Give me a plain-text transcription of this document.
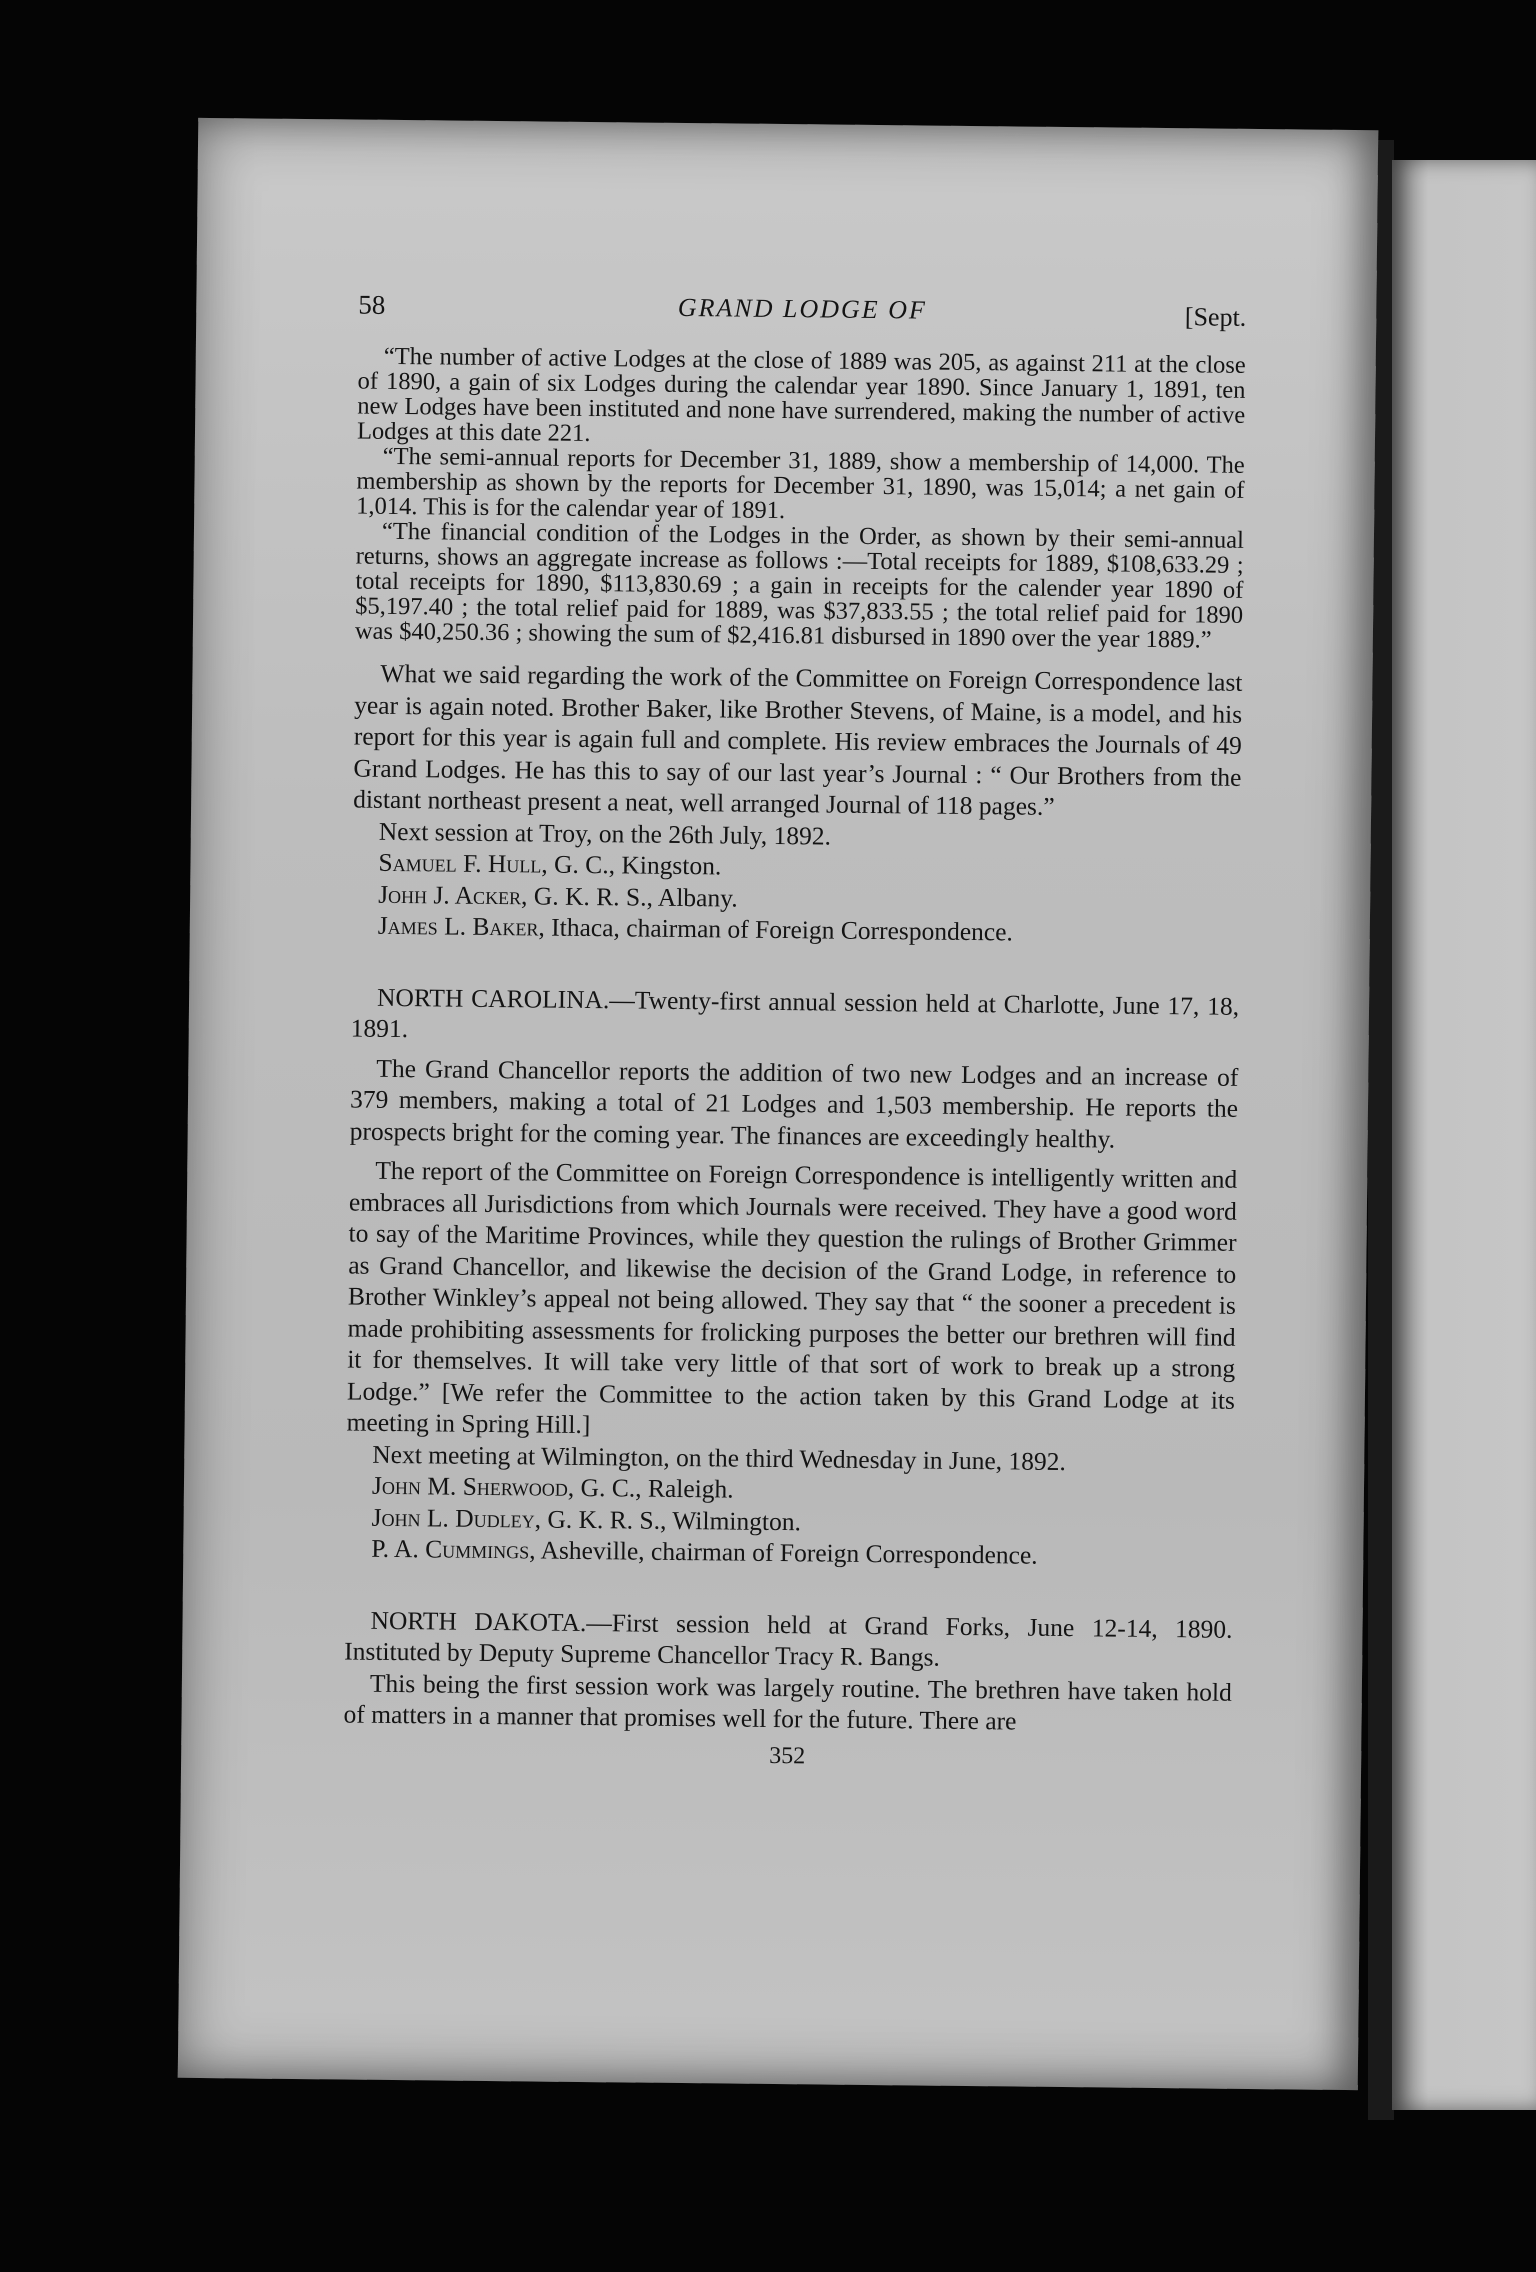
58	GRAND LODGE OF	[Sept.

“The number of active Lodges at the close of 1889 was 205, as against 211 at the close of 1890, a gain of six Lodges during the calendar year 1890. Since January 1, 1891, ten new Lodges have been instituted and none have surrendered, making the number of active Lodges at this date 221.

“The semi-annual reports for December 31, 1889, show a membership of 14,000. The membership as shown by the reports for December 31, 1890, was 15,014; a net gain of 1,014. This is for the calendar year of 1891.

“The financial condition of the Lodges in the Order, as shown by their semi-annual returns, shows an aggregate increase as follows :—Total receipts for 1889, $108,633.29 ; total receipts for 1890, $113,830.69 ; a gain in receipts for the calender year 1890 of $5,197.40 ; the total relief paid for 1889, was $37,833.55 ; the total relief paid for 1890 was $40,250.36 ; showing the sum of $2,416.81 disbursed in 1890 over the year 1889.”

What we said regarding the work of the Committee on Foreign Correspondence last year is again noted. Brother Baker, like Brother Stevens, of Maine, is a model, and his report for this year is again full and complete. His review embraces the Journals of 49 Grand Lodges. He has this to say of our last year’s Journal : “ Our Brothers from the distant northeast present a neat, well arranged Journal of 118 pages.”

Next session at Troy, on the 26th July, 1892.

Samuel F. Hull, G. C., Kingston.

Johh J. Acker, G. K. R. S., Albany.

James L. Baker, Ithaca, chairman of Foreign Correspondence.

NORTH CAROLINA.—Twenty-first annual session held at Charlotte, June 17, 18, 1891.

The Grand Chancellor reports the addition of two new Lodges and an increase of 379 members, making a total of 21 Lodges and 1,503 membership. He reports the prospects bright for the coming year. The finances are exceedingly healthy.

The report of the Committee on Foreign Correspondence is intelligently written and embraces all Jurisdictions from which Journals were received. They have a good word to say of the Maritime Provinces, while they question the rulings of Brother Grimmer as Grand Chancellor, and likewise the decision of the Grand Lodge, in reference to Brother Winkley’s appeal not being allowed. They say that “ the sooner a precedent is made prohibiting assessments for frolicking purposes the better our brethren will find it for themselves. It will take very little of that sort of work to break up a strong Lodge.” [We refer the Committee to the action taken by this Grand Lodge at its meeting in Spring Hill.]

Next meeting at Wilmington, on the third Wednesday in June, 1892.

John M. Sherwood, G. C., Raleigh.

John L. Dudley, G. K. R. S., Wilmington.

P. A. Cummings, Asheville, chairman of Foreign Correspondence.

NORTH DAKOTA.—First session held at Grand Forks, June 12-14, 1890. Instituted by Deputy Supreme Chancellor Tracy R. Bangs.

This being the first session work was largely routine. The brethren have taken hold of matters in a manner that promises well for the future. There are

352
